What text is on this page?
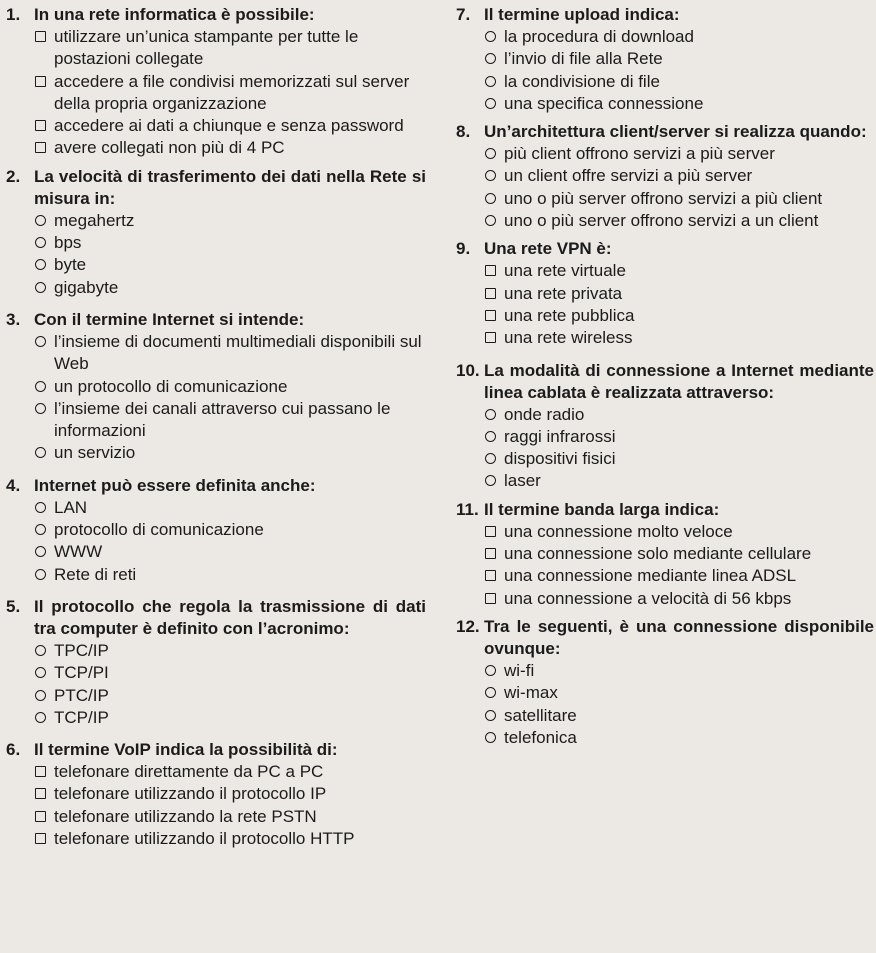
1. In una rete informatica è possibile:
utilizzare un’unica stampante per tutte le postazioni collegate
accedere a file condivisi memorizzati sul server della propria organizzazione
accedere ai dati a chiunque e senza password
avere collegati non più di 4 PC
2. La velocità di trasferimento dei dati nella Rete si misura in:
megahertz
bps
byte
gigabyte
3. Con il termine Internet si intende:
l’insieme di documenti multimediali disponibili sul Web
un protocollo di comunicazione
l’insieme dei canali attraverso cui passano le informazioni
un servizio
4. Internet può essere definita anche:
LAN
protocollo di comunicazione
WWW
Rete di reti
5. Il protocollo che regola la trasmissione di dati tra computer è definito con l’acronimo:
TPC/IP
TCP/PI
PTC/IP
TCP/IP
6. Il termine VoIP indica la possibilità di:
telefonare direttamente da PC a PC
telefonare utilizzando il protocollo IP
telefonare utilizzando la rete PSTN
telefonare utilizzando il protocollo HTTP
7. Il termine upload indica:
la procedura di download
l’invio di file alla Rete
la condivisione di file
una specifica connessione
8. Un’architettura client/server si realizza quando:
più client offrono servizi a più server
un client offre servizi a più server
uno o più server offrono servizi a più client
uno o più server offrono servizi a un client
9. Una rete VPN è:
una rete virtuale
una rete privata
una rete pubblica
una rete wireless
10. La modalità di connessione a Internet mediante linea cablata è realizzata attraverso:
onde radio
raggi infrarossi
dispositivi fisici
laser
11. Il termine banda larga indica:
una connessione molto veloce
una connessione solo mediante cellulare
una connessione mediante linea ADSL
una connessione a velocità di 56 kbps
12. Tra le seguenti, è una connessione disponibile ovunque:
wi-fi
wi-max
satellitare
telefonica
